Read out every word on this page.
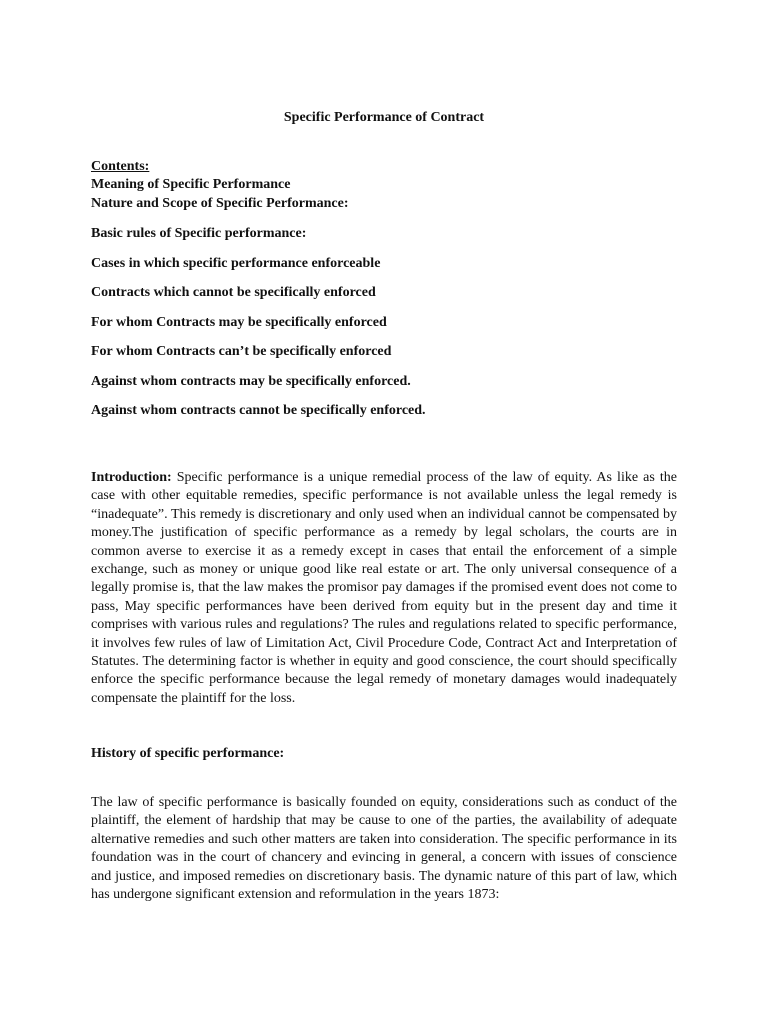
Specific Performance of Contract
Contents:
Meaning of Specific Performance
Nature and Scope of Specific Performance:
Basic rules of Specific performance:
Cases in which specific performance enforceable
Contracts which cannot be specifically enforced
For whom Contracts may be specifically enforced
For whom Contracts can’t be specifically enforced
Against whom contracts may be specifically enforced.
Against whom contracts cannot be specifically enforced.

Introduction: Specific performance is a unique remedial process of the law of equity. As like as the case with other equitable remedies, specific performance is not available unless the legal remedy is “inadequate”. This remedy is discretionary and only used when an individual cannot be compensated by money.The justification of specific performance as a remedy by legal scholars, the courts are in common averse to exercise it as a remedy except in cases that entail the enforcement of a simple exchange, such as money or unique good like real estate or art. The only universal consequence of a legally promise is, that the law makes the promisor pay damages if the promised event does not come to pass, May specific performances have been derived from equity but in the present day and time it comprises with various rules and regulations? The rules and regulations related to specific performance, it involves few rules of law of Limitation Act, Civil Procedure Code, Contract Act and Interpretation of Statutes. The determining factor is whether in equity and good conscience, the court should specifically enforce the specific performance because the legal remedy of monetary damages would inadequately compensate the plaintiff for the loss.

History of specific performance:

The law of specific performance is basically founded on equity, considerations such as conduct of the plaintiff, the element of hardship that may be cause to one of the parties, the availability of adequate alternative remedies and such other matters are taken into consideration. The specific performance in its foundation was in the court of chancery and evincing in general, a concern with issues of conscience and justice, and imposed remedies on discretionary basis. The dynamic nature of this part of law, which has undergone significant extension and reformulation in the years 1873:
